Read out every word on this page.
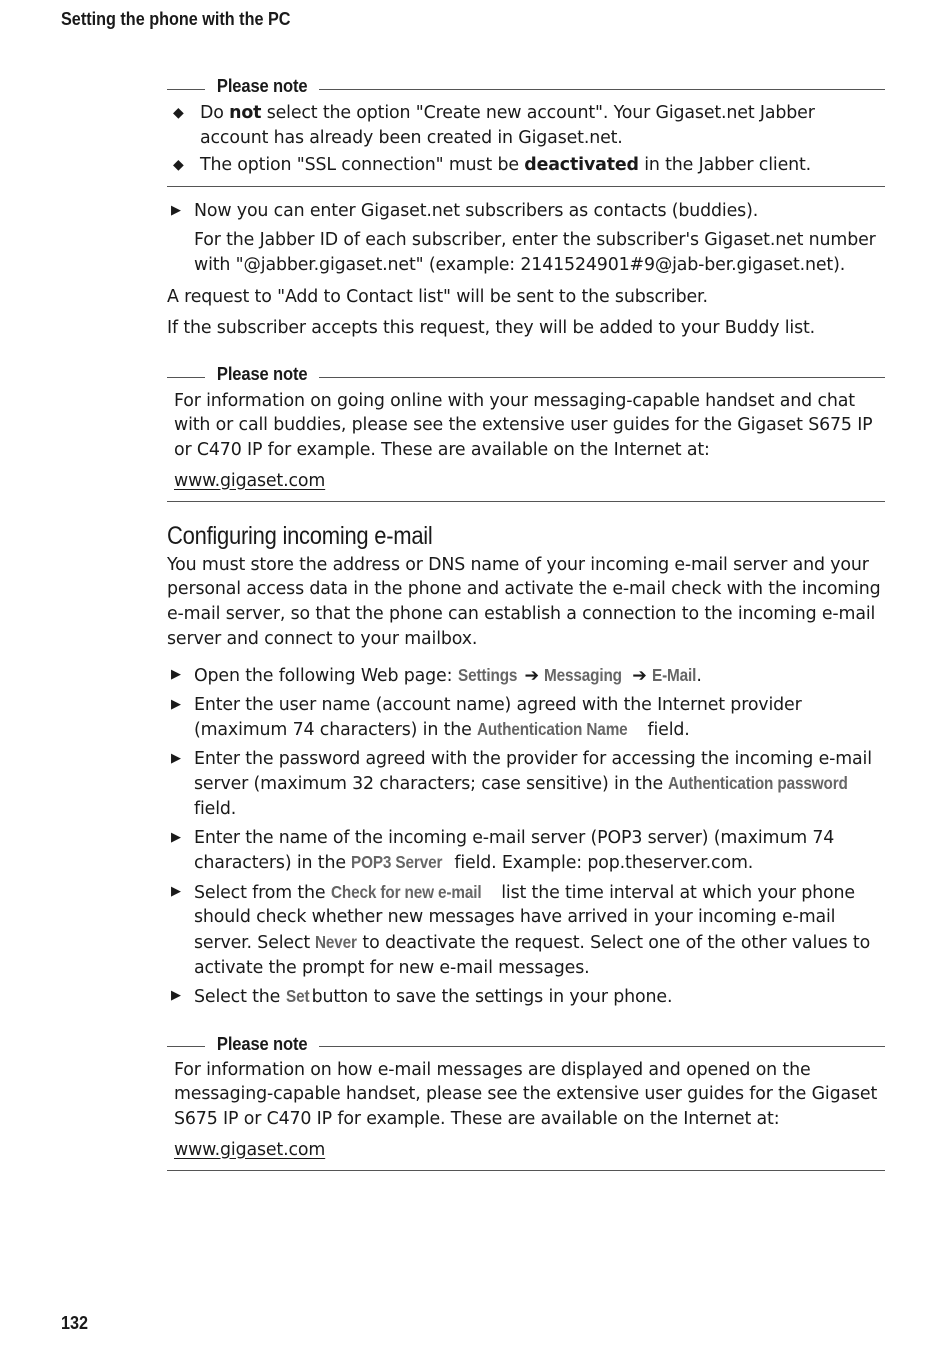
Setting the phone with the PC
Please note
◆ Do not select the option "Create new account". Your Gigaset.net Jabber account has already been created in Gigaset.net.
◆ The option "SSL connection" must be deactivated in the Jabber client.
▶ Now you can enter Gigaset.net subscribers as contacts (buddies).
For the Jabber ID of each subscriber, enter the subscriber's Gigaset.net number with "@jabber.gigaset.net" (example: 2141524901#9@jab-ber.gigaset.net).
A request to "Add to Contact list" will be sent to the subscriber.
If the subscriber accepts this request, they will be added to your Buddy list.
Please note
For information on going online with your messaging-capable handset and chat with or call buddies, please see the extensive user guides for the Gigaset S675 IP or C470 IP for example. These are available on the Internet at:
www.gigaset.com
Configuring incoming e-mail
You must store the address or DNS name of your incoming e-mail server and your personal access data in the phone and activate the e-mail check with the incoming e-mail server, so that the phone can establish a connection to the incoming e-mail server and connect to your mailbox.
▶ Open the following Web page: Settings ➔ Messaging ➔ E-Mail.
▶ Enter the user name (account name) agreed with the Internet provider (maximum 74 characters) in the Authentication Name field.
▶ Enter the password agreed with the provider for accessing the incoming e-mail server (maximum 32 characters; case sensitive) in the Authentication password field.
▶ Enter the name of the incoming e-mail server (POP3 server) (maximum 74 characters) in the POP3 Server field. Example: pop.theserver.com.
▶ Select from the Check for new e-mail list the time interval at which your phone should check whether new messages have arrived in your incoming e-mail server. Select Never to deactivate the request. Select one of the other values to activate the prompt for new e-mail messages.
▶ Select the Set button to save the settings in your phone.
Please note
For information on how e-mail messages are displayed and opened on the messaging-capable handset, please see the extensive user guides for the Gigaset S675 IP or C470 IP for example. These are available on the Internet at:
www.gigaset.com
132
